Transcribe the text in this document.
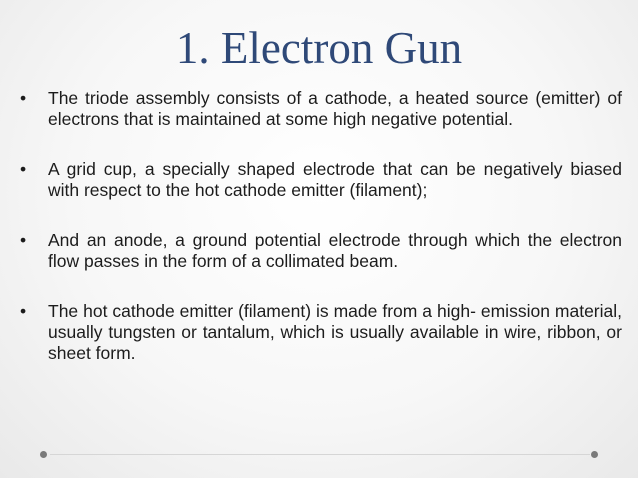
1. Electron Gun
•	The triode assembly consists of a cathode, a heated source (emitter) of electrons that is maintained at some high negative potential.
•	A grid cup, a specially shaped electrode that can be negatively biased with respect to the hot cathode emitter (filament);
•	And an anode, a ground potential electrode through which the electron flow passes in the form of a collimated beam.
•	The hot cathode emitter (filament) is made from a high- emission material, usually tungsten or tantalum, which is usually available in wire, ribbon, or sheet form.
